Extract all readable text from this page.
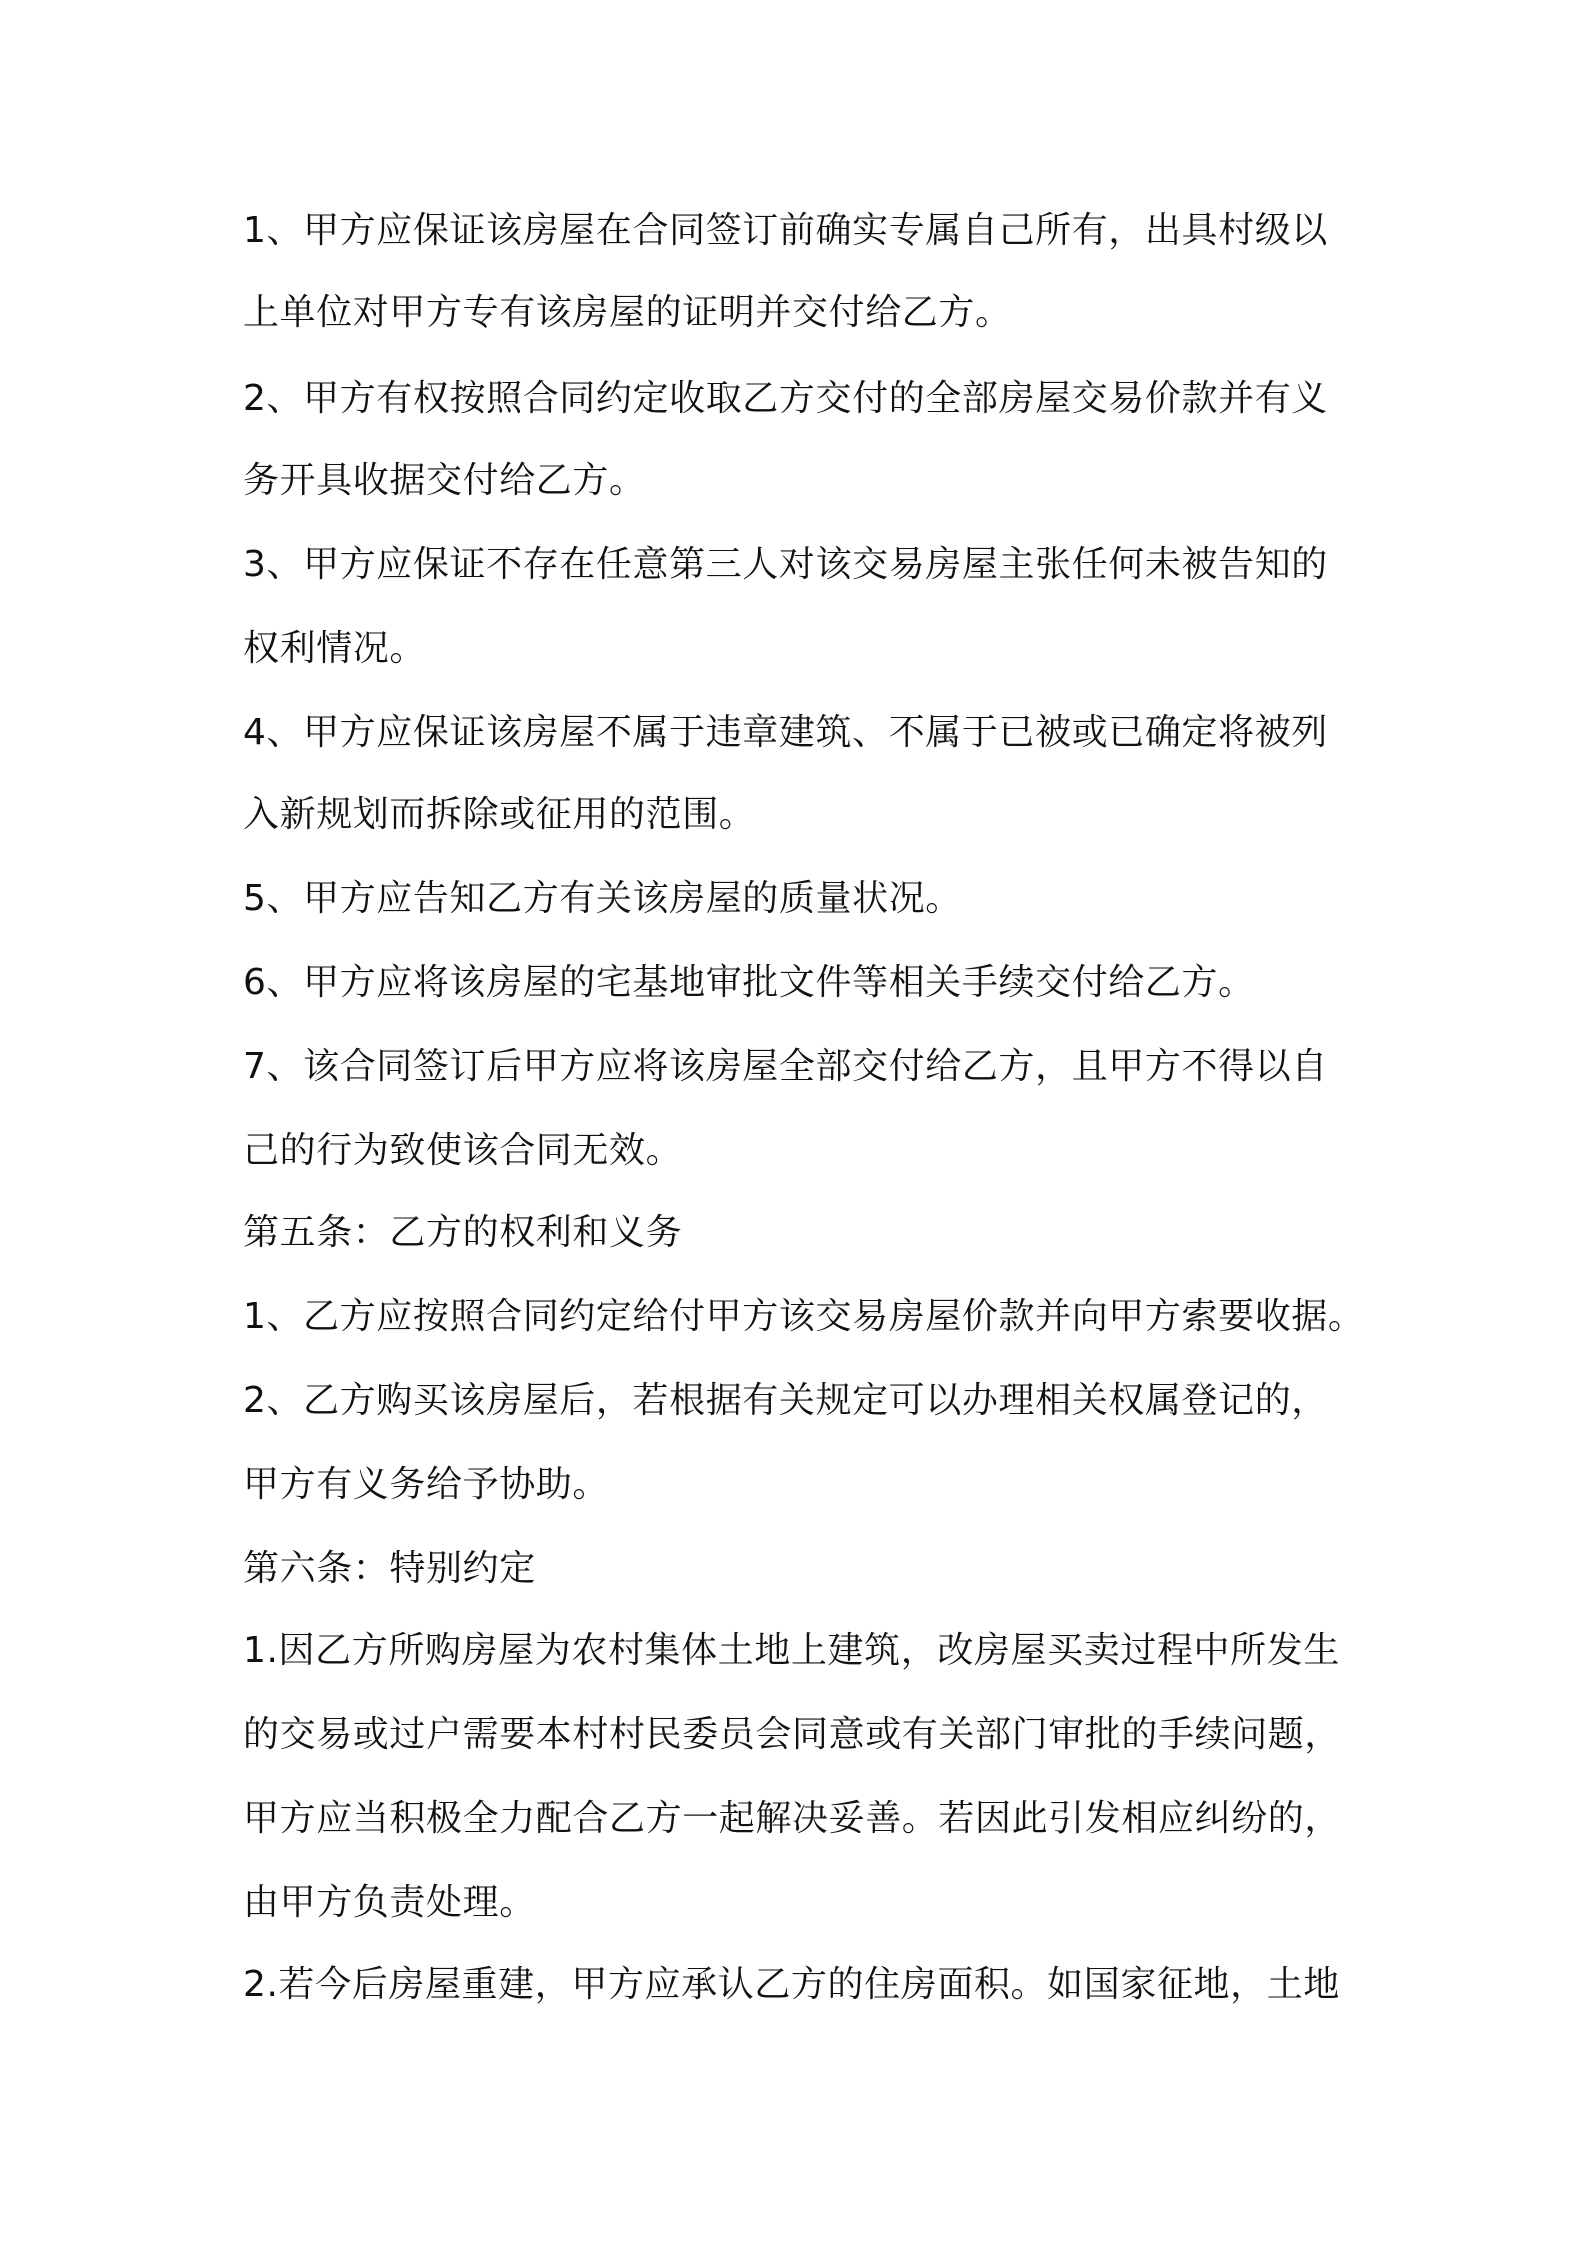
1、甲方应保证该房屋在合同签订前确实专属自己所有，出具村级以
上单位对甲方专有该房屋的证明并交付给乙方。
2、甲方有权按照合同约定收取乙方交付的全部房屋交易价款并有义
务开具收据交付给乙方。
3、甲方应保证不存在任意第三人对该交易房屋主张任何未被告知的
权利情况。
4、甲方应保证该房屋不属于违章建筑、不属于已被或已确定将被列
入新规划而拆除或征用的范围。
5、甲方应告知乙方有关该房屋的质量状况。
6、甲方应将该房屋的宅基地审批文件等相关手续交付给乙方。
7、该合同签订后甲方应将该房屋全部交付给乙方，且甲方不得以自
己的行为致使该合同无效。
第五条：乙方的权利和义务
1、乙方应按照合同约定给付甲方该交易房屋价款并向甲方索要收据。
2、乙方购买该房屋后，若根据有关规定可以办理相关权属登记的，
甲方有义务给予协助。
第六条：特别约定
1.因乙方所购房屋为农村集体土地上建筑，改房屋买卖过程中所发生
的交易或过户需要本村村民委员会同意或有关部门审批的手续问题，
甲方应当积极全力配合乙方一起解决妥善。若因此引发相应纠纷的，
由甲方负责处理。
2.若今后房屋重建，甲方应承认乙方的住房面积。如国家征地，土地
